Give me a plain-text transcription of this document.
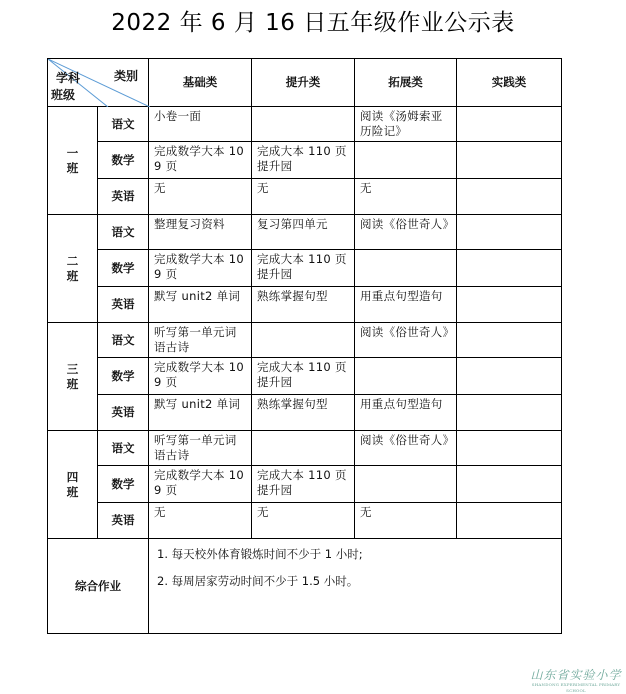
2022 年 6 月 16 日五年级作业公示表
类别
学科
班级		基础类	提升类	拓展类	实践类
一
班	语文	小卷一面		阅读《汤姆索亚历险记》	
	数学	完成数学大本 109 页	完成大本 110 页提升园		
	英语	无	无	无	
二
班	语文	整理复习资料	复习第四单元	阅读《俗世奇人》	
	数学	完成数学大本 109 页	完成大本 110 页提升园		
	英语	默写 unit2 单词	熟练掌握句型	用重点句型造句	
三
班	语文	听写第一单元词语古诗		阅读《俗世奇人》	
	数学	完成数学大本 109 页	完成大本 110 页提升园		
	英语	默写 unit2 单词	熟练掌握句型	用重点句型造句	
四
班	语文	听写第一单元词语古诗		阅读《俗世奇人》	
	数学	完成数学大本 109 页	完成大本 110 页提升园		
	英语	无	无	无	
综合作业		1. 每天校外体育锻炼时间不少于 1 小时;

2. 每周居家劳动时间不少于 1.5 小时。			

山东省实验小学
SHANDONG EXPERIMENTAL PRIMARY SCHOOL
